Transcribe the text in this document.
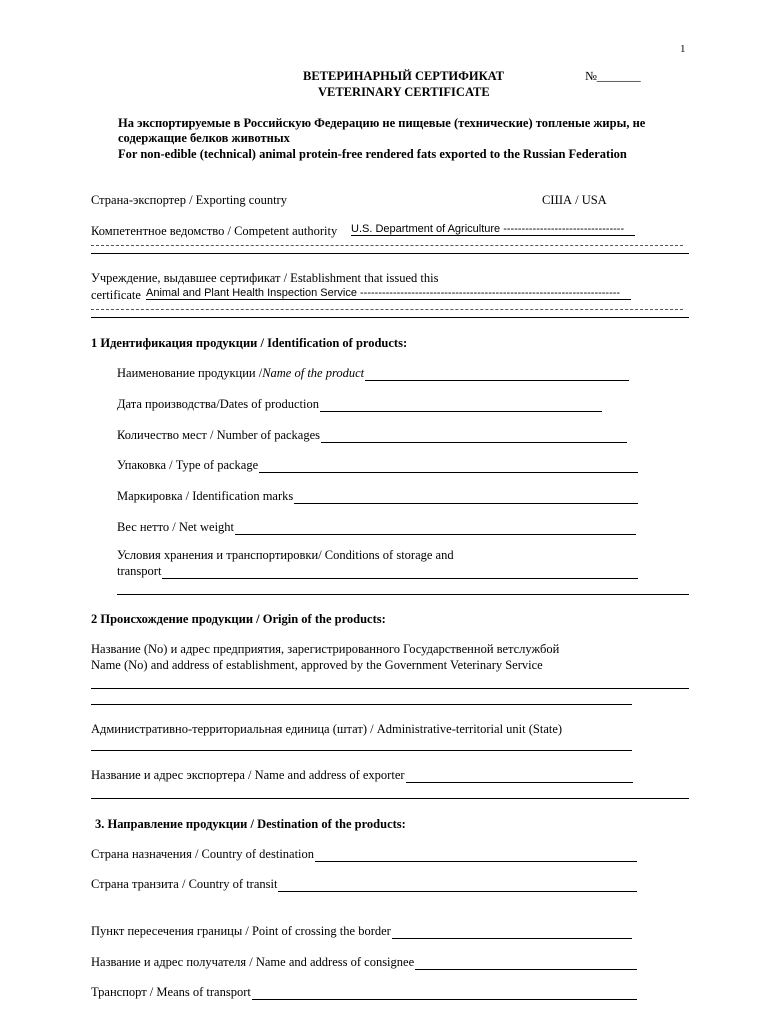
1
ВЕТЕРИНАРНЫЙ СЕРТИФИКАТ	№_______
VETERINARY CERTIFICATE
На экспортируемые в Российскую Федерацию не пищевые (технические) топленые жиры, не
содержащие белков животных
For non-edible (technical) animal protein-free rendered fats exported to the Russian Federation
Страна-экспортер / Exporting country	США / USA
Компетентное ведомство / Competent authority U.S. Department of Agriculture ---------------------------------
Учреждение, выдавшее сертификат / Establishment that issued this
certificate Animal and Plant Health Inspection Service -----------------------------------------------------------------------
1 Идентификация продукции / Identification of products:
Наименование продукции / Name of the product
Дата производства/Dates of production
Количество мест / Number of packages
Упаковка / Type of package
Маркировка / Identification marks
Вес нетто / Net weight
Условия хранения и транспортировки/ Conditions of storage and
transport
2 Происхождение продукции / Origin of the products:
Название (No) и адрес предприятия, зарегистрированного Государственной ветслужбой
Name (No) and address of establishment, approved by the Government Veterinary Service
Административно-территориальная единица (штат) / Administrative-territorial unit (State)
Название и адрес экспортера / Name and address of exporter
3. Направление продукции / Destination of the products:
Страна назначения / Country of destination
Страна транзита / Country of transit
Пункт пересечения границы / Point of crossing the border
Название и адрес получателя / Name and address of consignee
Транспорт / Means of transport
